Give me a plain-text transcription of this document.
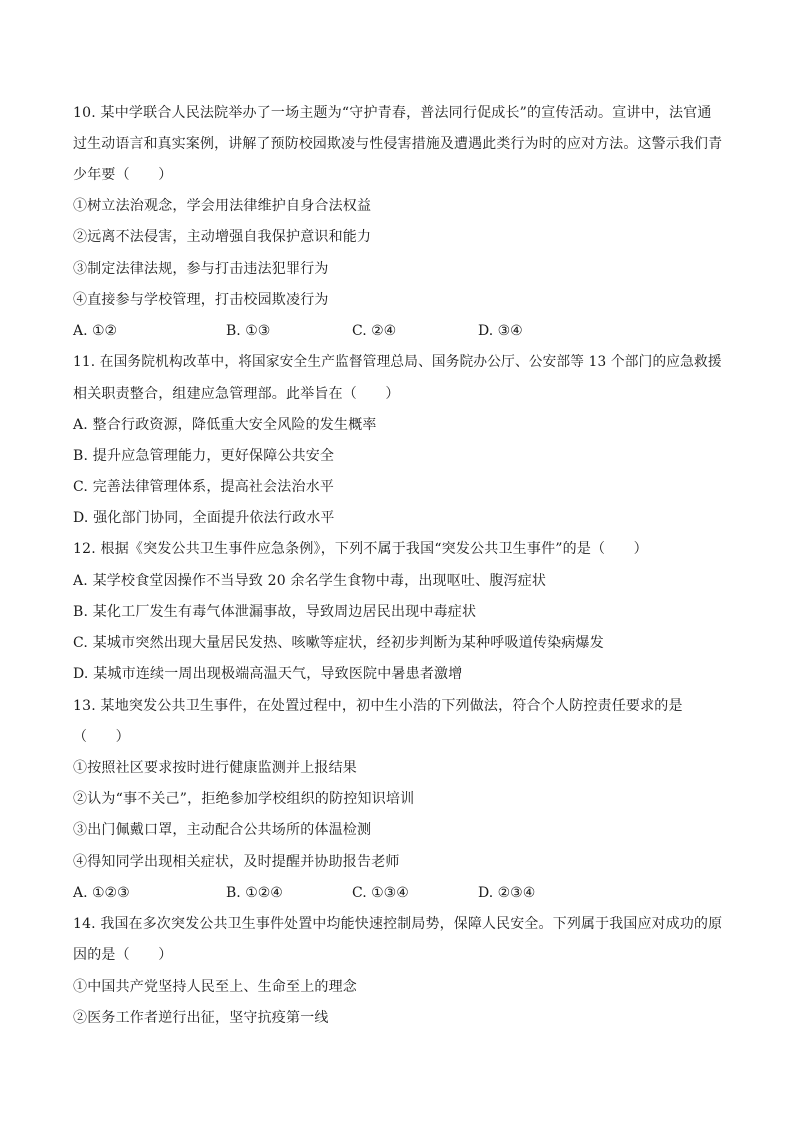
10. 某中学联合人民法院举办了一场主题为“守护青春，普法同行促成长”的宣传活动。宣讲中，法官通
过生动语言和真实案例，讲解了预防校园欺凌与性侵害措施及遭遇此类行为时的应对方法。这警示我们青
少年要（　　）
①树立法治观念，学会用法律维护自身合法权益
②远离不法侵害，主动增强自我保护意识和能力
③制定法律法规，参与打击违法犯罪行为
④直接参与学校管理，打击校园欺凌行为
A. ①②	B. ①③	C. ②④	D. ③④
11. 在国务院机构改革中，将国家安全生产监督管理总局、国务院办公厅、公安部等 13 个部门的应急救援
相关职责整合，组建应急管理部。此举旨在（　　）
A. 整合行政资源，降低重大安全风险的发生概率
B. 提升应急管理能力，更好保障公共安全
C. 完善法律管理体系，提高社会法治水平
D. 强化部门协同，全面提升依法行政水平
12. 根据《突发公共卫生事件应急条例》，下列不属于我国“突发公共卫生事件”的是（　　）
A. 某学校食堂因操作不当导致 20 余名学生食物中毒，出现呕吐、腹泻症状
B. 某化工厂发生有毒气体泄漏事故，导致周边居民出现中毒症状
C. 某城市突然出现大量居民发热、咳嗽等症状，经初步判断为某种呼吸道传染病爆发
D. 某城市连续一周出现极端高温天气，导致医院中暑患者激增
13. 某地突发公共卫生事件，在处置过程中，初中生小浩的下列做法，符合个人防控责任要求的是
（　　）
①按照社区要求按时进行健康监测并上报结果
②认为“事不关己”，拒绝参加学校组织的防控知识培训
③出门佩戴口罩，主动配合公共场所的体温检测
④得知同学出现相关症状，及时提醒并协助报告老师
A. ①②③	B. ①②④	C. ①③④	D. ②③④
14. 我国在多次突发公共卫生事件处置中均能快速控制局势，保障人民安全。下列属于我国应对成功的原
因的是（　　）
①中国共产党坚持人民至上、生命至上的理念
②医务工作者逆行出征，坚守抗疫第一线
